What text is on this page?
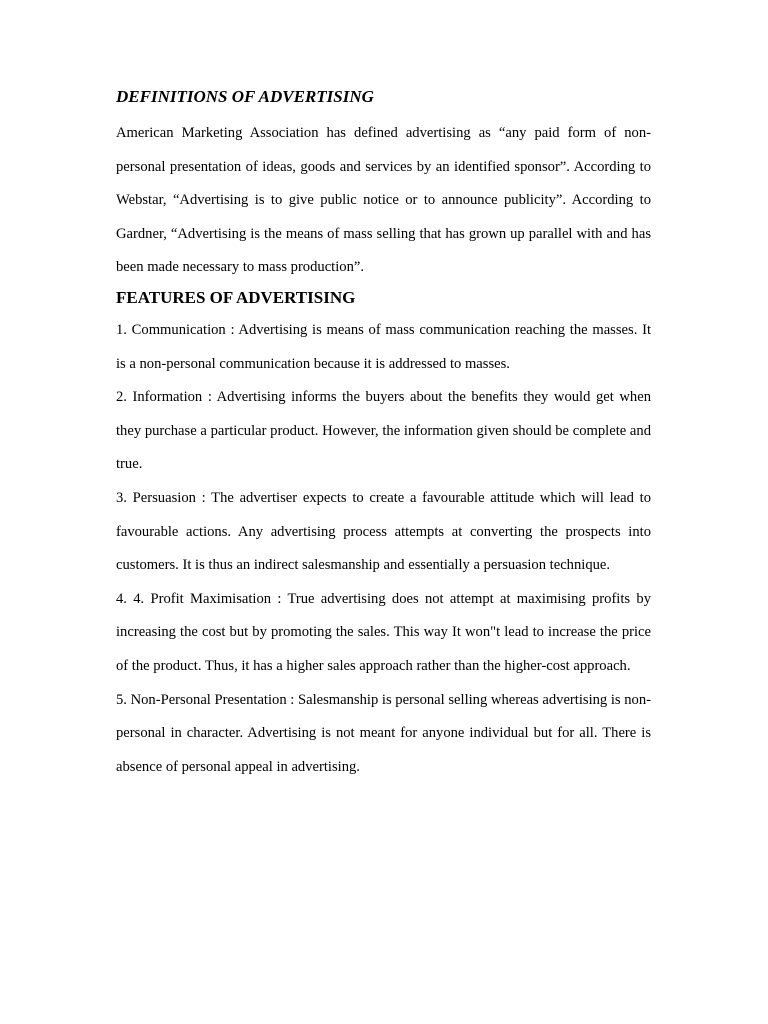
DEFINITIONS OF ADVERTISING

American Marketing Association has defined advertising as “any paid form of non-personal presentation of ideas, goods and services by an identified sponsor”. According to Webstar, “Advertising is to give public notice or to announce publicity”. According to Gardner, “Advertising is the means of mass selling that has grown up parallel with and has been made necessary to mass production”.

FEATURES OF ADVERTISING

1. Communication : Advertising is means of mass communication reaching the masses. It is a non-personal communication because it is addressed to masses.

2. Information : Advertising informs the buyers about the benefits they would get when they purchase a particular product. However, the information given should be complete and true.

3. Persuasion : The advertiser expects to create a favourable attitude which will lead to favourable actions. Any advertising process attempts at converting the prospects into customers. It is thus an indirect salesmanship and essentially a persuasion technique.

4. 4. Profit Maximisation : True advertising does not attempt at maximising profits by increasing the cost but by promoting the sales. This way It won"t lead to increase the price of the product. Thus, it has a higher sales approach rather than the higher-cost approach.

5. Non-Personal Presentation : Salesmanship is personal selling whereas advertising is non-personal in character. Advertising is not meant for anyone individual but for all. There is absence of personal appeal in advertising.
